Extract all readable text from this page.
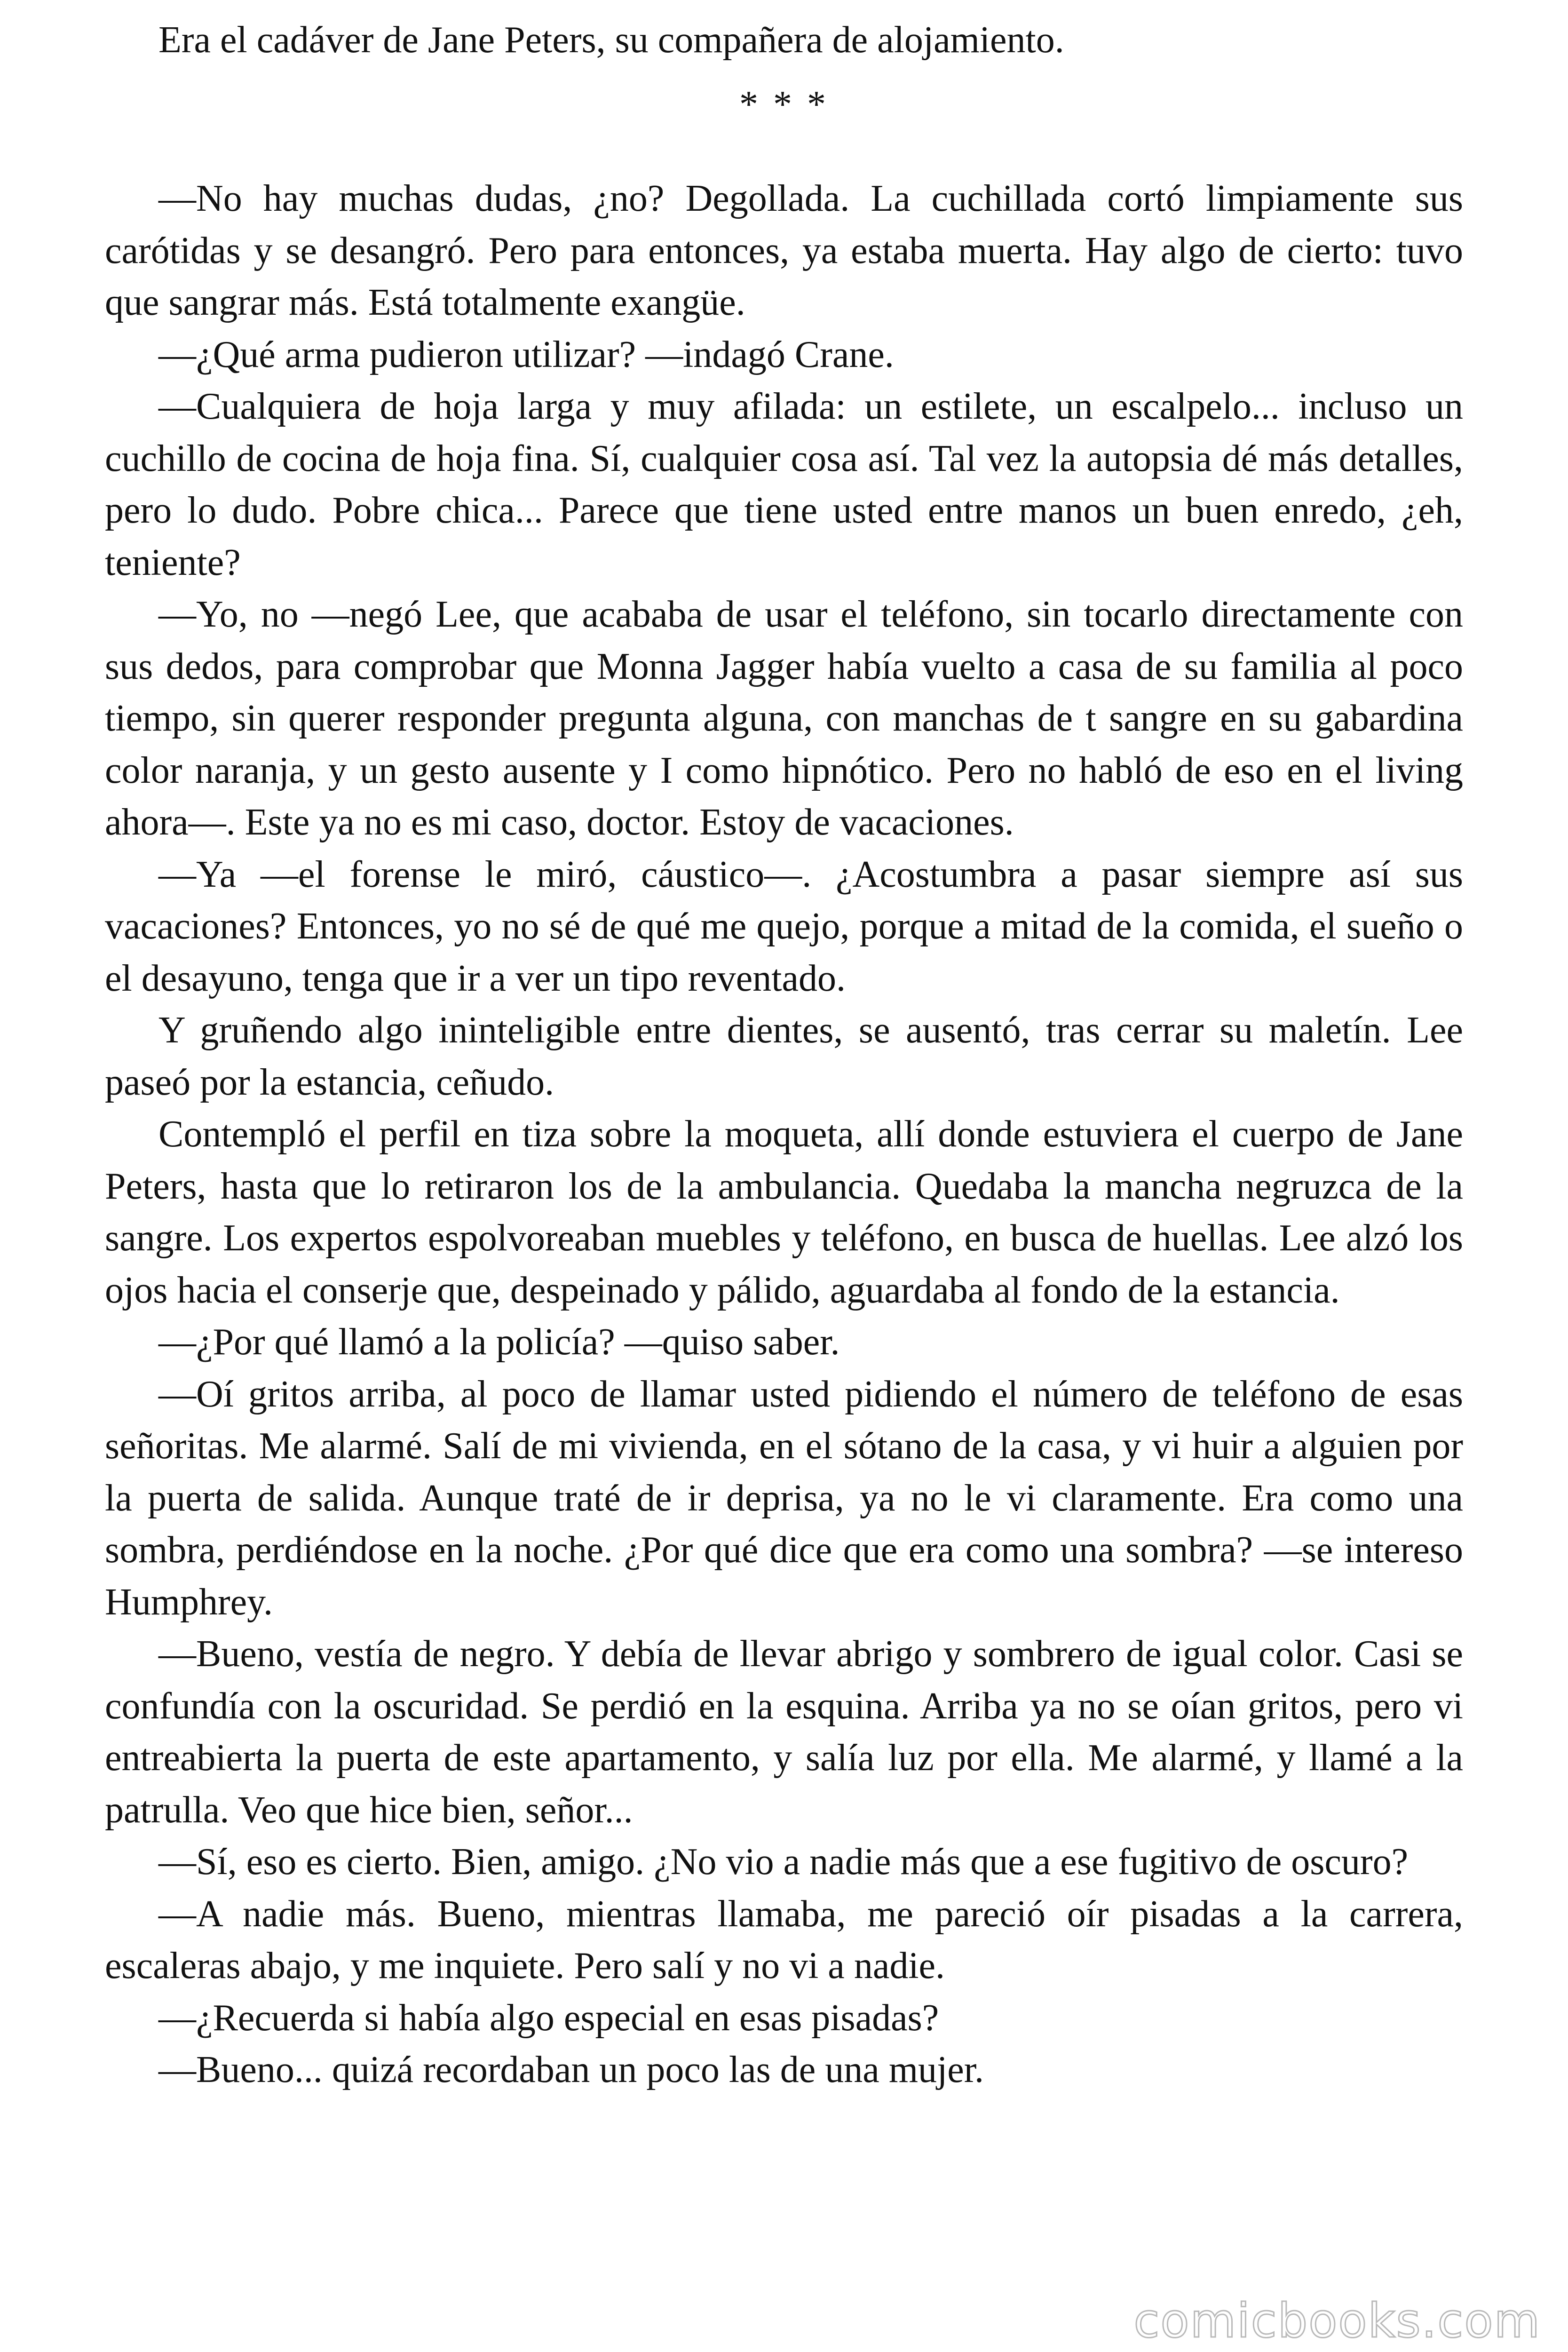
Era el cadáver de Jane Peters, su compañera de alojamiento.

* * *

—No hay muchas dudas, ¿no? Degollada. La cuchillada cortó limpiamente sus carótidas y se desangró. Pero para entonces, ya estaba muerta. Hay algo de cierto: tuvo que sangrar más. Está totalmente exangüe.

—¿Qué arma pudieron utilizar? —indagó Crane.

—Cualquiera de hoja larga y muy afilada: un estilete, un escalpelo... incluso un cuchillo de cocina de hoja fina. Sí, cualquier cosa así. Tal vez la autopsia dé más detalles, pero lo dudo. Pobre chica... Parece que tiene usted entre manos un buen enredo, ¿eh, teniente?

—Yo, no —negó Lee, que acababa de usar el teléfono, sin tocarlo directamente con sus dedos, para comprobar que Monna Jagger había vuelto a casa de su familia al poco tiempo, sin querer responder pregunta alguna, con manchas de t sangre en su gabardina color naranja, y un gesto ausente y I como hipnótico. Pero no habló de eso en el living ahora—. Este ya no es mi caso, doctor. Estoy de vacaciones.

—Ya —el forense le miró, cáustico—. ¿Acostumbra a pasar siempre así sus vacaciones? Entonces, yo no sé de qué me quejo, porque a mitad de la comida, el sueño o el desayuno, tenga que ir a ver un tipo reventado.

Y gruñendo algo ininteligible entre dientes, se ausentó, tras cerrar su maletín. Lee paseó por la estancia, ceñudo.

Contempló el perfil en tiza sobre la moqueta, allí donde estuviera el cuerpo de Jane Peters, hasta que lo retiraron los de la ambulancia. Quedaba la mancha negruzca de la sangre. Los expertos espolvoreaban muebles y teléfono, en busca de huellas. Lee alzó los ojos hacia el conserje que, despeinado y pálido, aguardaba al fondo de la estancia.

—¿Por qué llamó a la policía? —quiso saber.

—Oí gritos arriba, al poco de llamar usted pidiendo el número de teléfono de esas señoritas. Me alarmé. Salí de mi vivienda, en el sótano de la casa, y vi huir a alguien por la puerta de salida. Aunque traté de ir deprisa, ya no le vi claramente. Era como una sombra, perdiéndose en la noche. ¿Por qué dice que era como una sombra? —se intereso Humphrey.

—Bueno, vestía de negro. Y debía de llevar abrigo y sombrero de igual color. Casi se confundía con la oscuridad. Se perdió en la esquina. Arriba ya no se oían gritos, pero vi entreabierta la puerta de este apartamento, y salía luz por ella. Me alarmé, y llamé a la patrulla. Veo que hice bien, señor...

—Sí, eso es cierto. Bien, amigo. ¿No vio a nadie más que a ese fugitivo de oscuro?

—A nadie más. Bueno, mientras llamaba, me pareció oír pisadas a la carrera, escaleras abajo, y me inquiete. Pero salí y no vi a nadie.

—¿Recuerda si había algo especial en esas pisadas?

—Bueno... quizá recordaban un poco las de una mujer.

comicbooks.com
